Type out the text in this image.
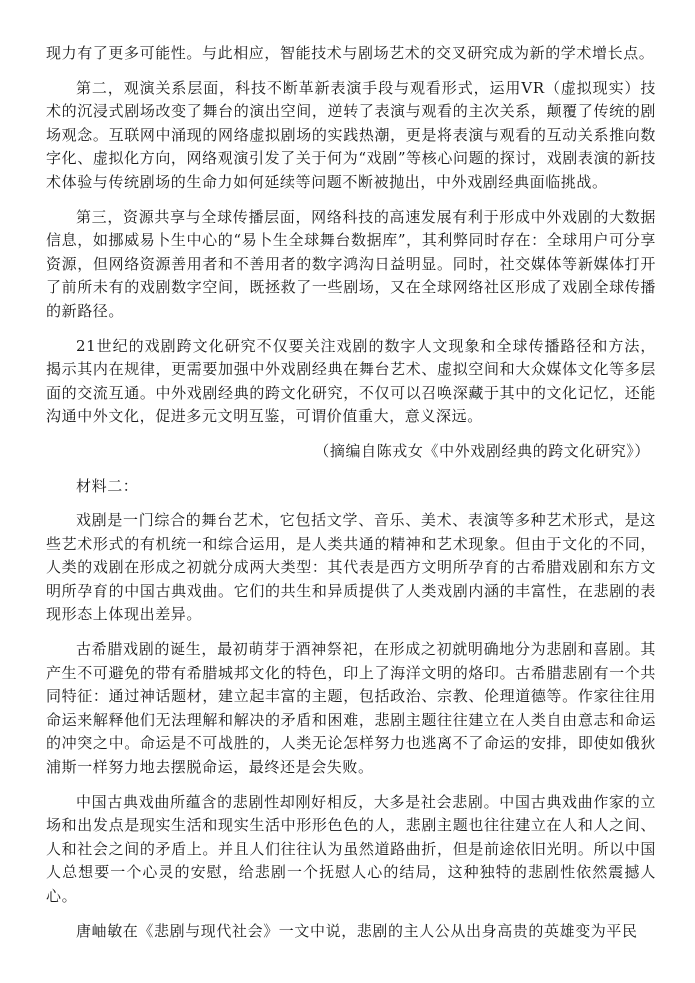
现力有了更多可能性。与此相应，智能技术与剧场艺术的交叉研究成为新的学术增长点。

第二，观演关系层面，科技不断革新表演手段与观看形式，运用VR（虚拟现实）技术的沉浸式剧场改变了舞台的演出空间，逆转了表演与观看的主次关系，颠覆了传统的剧场观念。互联网中涌现的网络虚拟剧场的实践热潮，更是将表演与观看的互动关系推向数字化、虚拟化方向，网络观演引发了关于何为“戏剧”等核心问题的探讨，戏剧表演的新技术体验与传统剧场的生命力如何延续等问题不断被抛出，中外戏剧经典面临挑战。

第三，资源共享与全球传播层面，网络科技的高速发展有利于形成中外戏剧的大数据信息，如挪威易卜生中心的“易卜生全球舞台数据库”，其利弊同时存在：全球用户可分享资源，但网络资源善用者和不善用者的数字鸿沟日益明显。同时，社交媒体等新媒体打开了前所未有的戏剧数字空间，既拯救了一些剧场，又在全球网络社区形成了戏剧全球传播的新路径。

21世纪的戏剧跨文化研究不仅要关注戏剧的数字人文现象和全球传播路径和方法，揭示其内在规律，更需要加强中外戏剧经典在舞台艺术、虚拟空间和大众媒体文化等多层面的交流互通。中外戏剧经典的跨文化研究，不仅可以召唤深藏于其中的文化记忆，还能沟通中外文化，促进多元文明互鉴，可谓价值重大，意义深远。

（摘编自陈戎女《中外戏剧经典的跨文化研究》）

材料二：

戏剧是一门综合的舞台艺术，它包括文学、音乐、美术、表演等多种艺术形式，是这些艺术形式的有机统一和综合运用，是人类共通的精神和艺术现象。但由于文化的不同，人类的戏剧在形成之初就分成两大类型：其代表是西方文明所孕育的古希腊戏剧和东方文明所孕育的中国古典戏曲。它们的共生和异质提供了人类戏剧内涵的丰富性，在悲剧的表现形态上体现出差异。

古希腊戏剧的诞生，最初萌芽于酒神祭祀，在形成之初就明确地分为悲剧和喜剧。其产生不可避免的带有希腊城邦文化的特色，印上了海洋文明的烙印。古希腊悲剧有一个共同特征：通过神话题材，建立起丰富的主题，包括政治、宗教、伦理道德等。作家往往用命运来解释他们无法理解和解决的矛盾和困难，悲剧主题往往建立在人类自由意志和命运的冲突之中。命运是不可战胜的，人类无论怎样努力也逃离不了命运的安排，即使如俄狄浦斯一样努力地去摆脱命运，最终还是会失败。

中国古典戏曲所蕴含的悲剧性却刚好相反，大多是社会悲剧。中国古典戏曲作家的立场和出发点是现实生活和现实生活中形形色色的人，悲剧主题也往往建立在人和人之间、人和社会之间的矛盾上。并且人们往往认为虽然道路曲折，但是前途依旧光明。所以中国人总想要一个心灵的安慰，给悲剧一个抚慰人心的结局，这种独特的悲剧性依然震撼人心。

唐岫敏在《悲剧与现代社会》一文中说，悲剧的主人公从出身高贵的英雄变为平民
